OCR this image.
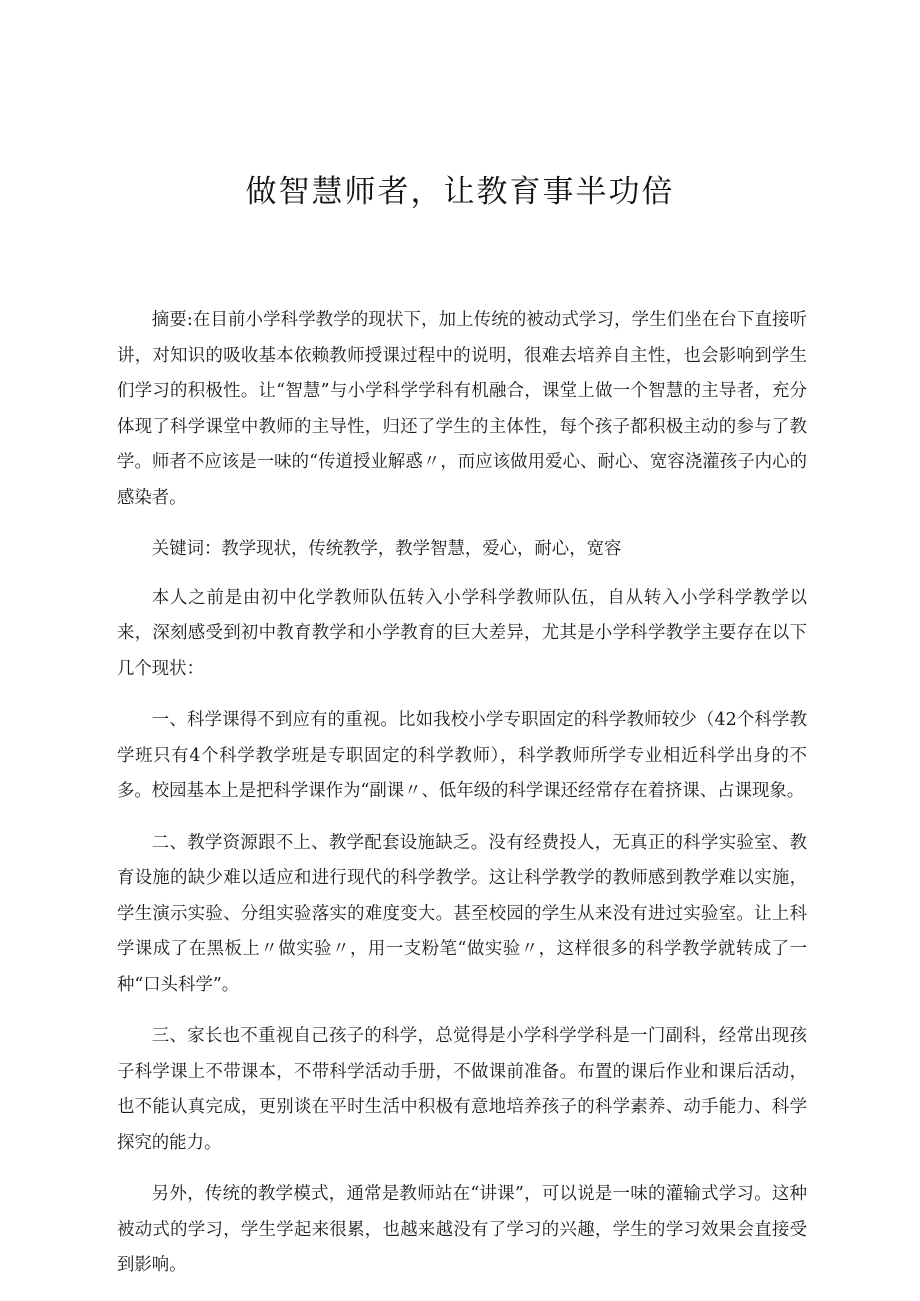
做智慧师者，让教育事半功倍

摘要:在目前小学科学教学的现状下，加上传统的被动式学习，学生们坐在台下直接听讲，对知识的吸收基本依赖教师授课过程中的说明，很难去培养自主性，也会影响到学生们学习的积极性。让“智慧”与小学科学学科有机融合，课堂上做一个智慧的主导者，充分体现了科学课堂中教师的主导性，归还了学生的主体性，每个孩子都积极主动的参与了教学。师者不应该是一味的“传道授业解惑〃，而应该做用爱心、耐心、宽容浇灌孩子内心的感染者。

关键词：教学现状，传统教学，教学智慧，爱心，耐心，宽容

本人之前是由初中化学教师队伍转入小学科学教师队伍，自从转入小学科学教学以来，深刻感受到初中教育教学和小学教育的巨大差异，尤其是小学科学教学主要存在以下几个现状：

一、科学课得不到应有的重视。比如我校小学专职固定的科学教师较少（42个科学教学班只有4个科学教学班是专职固定的科学教师），科学教师所学专业相近科学出身的不多。校园基本上是把科学课作为“副课〃、低年级的科学课还经常存在着挤课、占课现象。

二、教学资源跟不上、教学配套设施缺乏。没有经费投人，无真正的科学实验室、教育设施的缺少难以适应和进行现代的科学教学。这让科学教学的教师感到教学难以实施，学生演示实验、分组实验落实的难度变大。甚至校园的学生从来没有进过实验室。让上科学课成了在黑板上〃做实验〃，用一支粉笔“做实验〃，这样很多的科学教学就转成了一种“口头科学”。

三、家长也不重视自己孩子的科学，总觉得是小学科学学科是一门副科，经常出现孩子科学课上不带课本，不带科学活动手册，不做课前准备。布置的课后作业和课后活动，也不能认真完成，更别谈在平时生活中积极有意地培养孩子的科学素养、动手能力、科学探究的能力。

另外，传统的教学模式，通常是教师站在“讲课”，可以说是一味的灌输式学习。这种被动式的学习，学生学起来很累，也越来越没有了学习的兴趣，学生的学习效果会直接受到影响。
